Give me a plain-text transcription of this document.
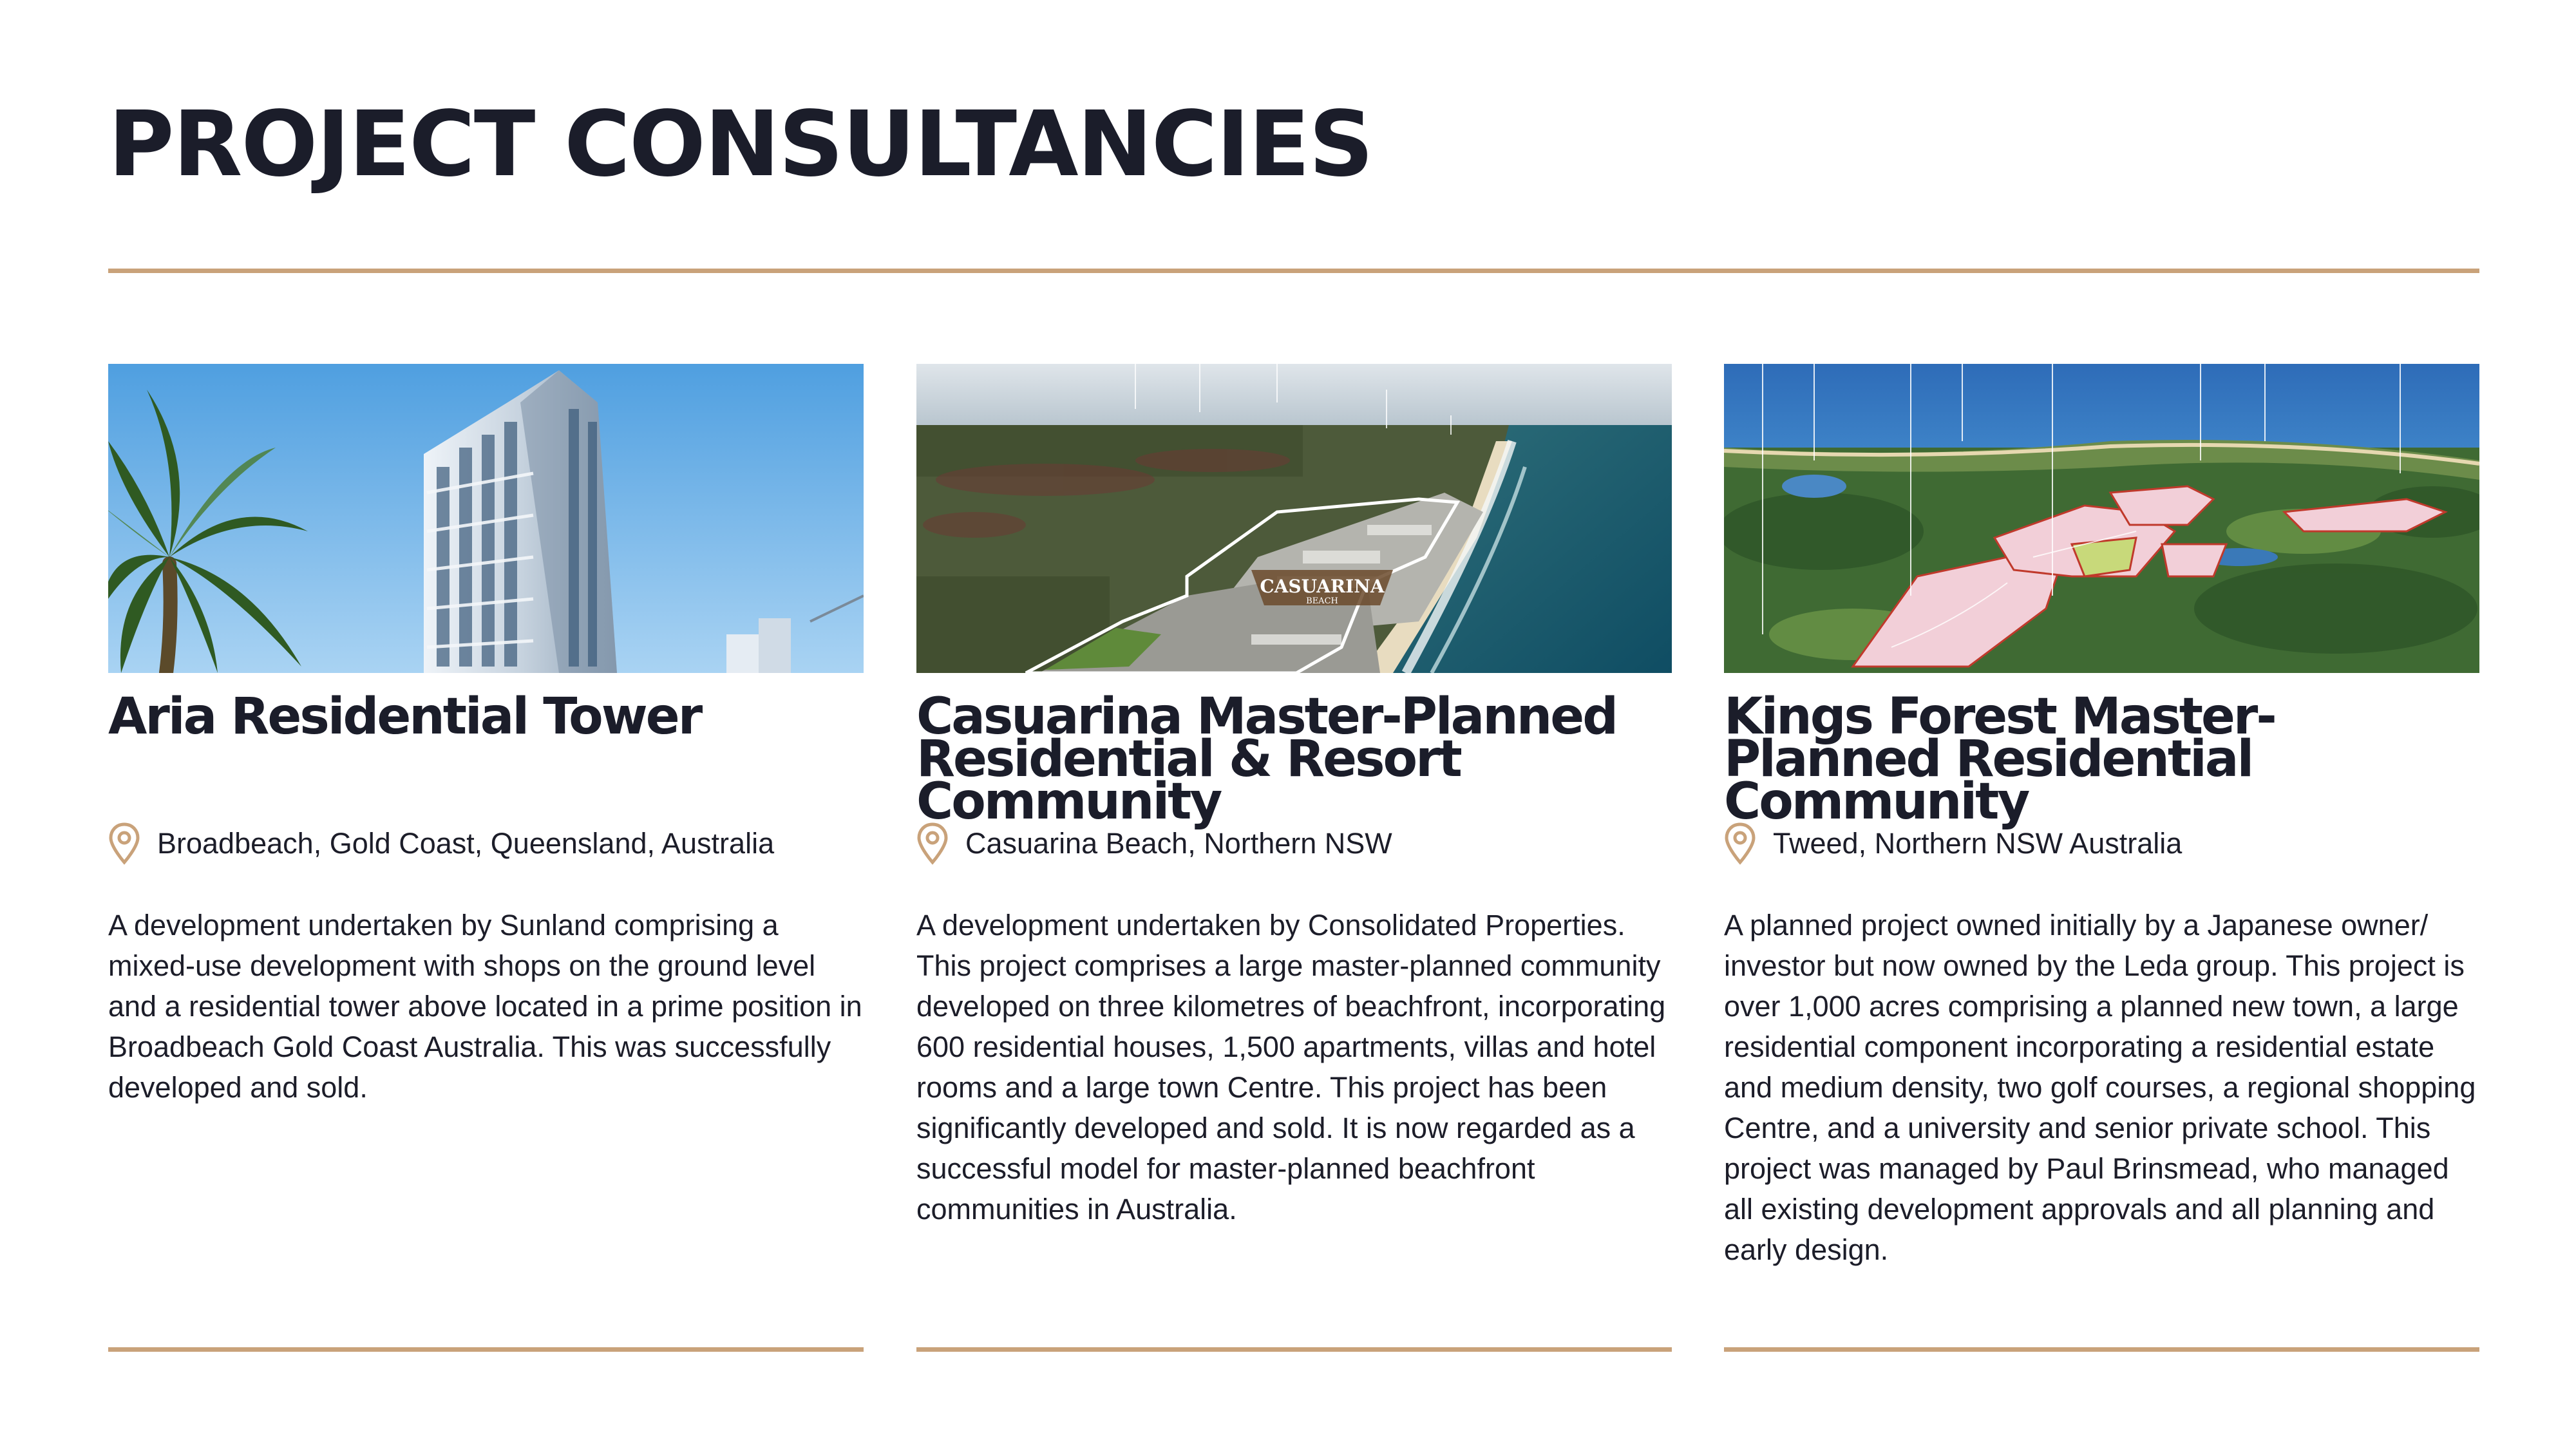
PROJECT CONSULTANCIES
Aria Residential Tower
Broadbeach, Gold Coast, Queensland, Australia

A development undertaken by Sunland comprising a mixed-use development with shops on the ground level and a residential tower above located in a prime position in Broadbeach Gold Coast Australia. This was successfully developed and sold.

CASUARINA
BEACH
Casuarina Master-Planned Residential & Resort Community
Casuarina Beach, Northern NSW

A development undertaken by Consolidated Properties. This project comprises a large master-planned community developed on three kilometres of beachfront, incorporating 600 residential houses, 1,500 apartments, villas and hotel rooms and a large town Centre. This project has been significantly developed and sold. It is now regarded as a successful model for master-planned beachfront communities in Australia.

Kings Forest Master-Planned Residential Community
Tweed, Northern NSW Australia

A planned project owned initially by a Japanese owner/ investor but now owned by the Leda group. This project is over 1,000 acres comprising a planned new town, a large residential component incorporating a residential estate and medium density, two golf courses, a regional shopping Centre, and a university and senior private school. This project was managed by Paul Brinsmead, who managed all existing development approvals and all planning and early design.
